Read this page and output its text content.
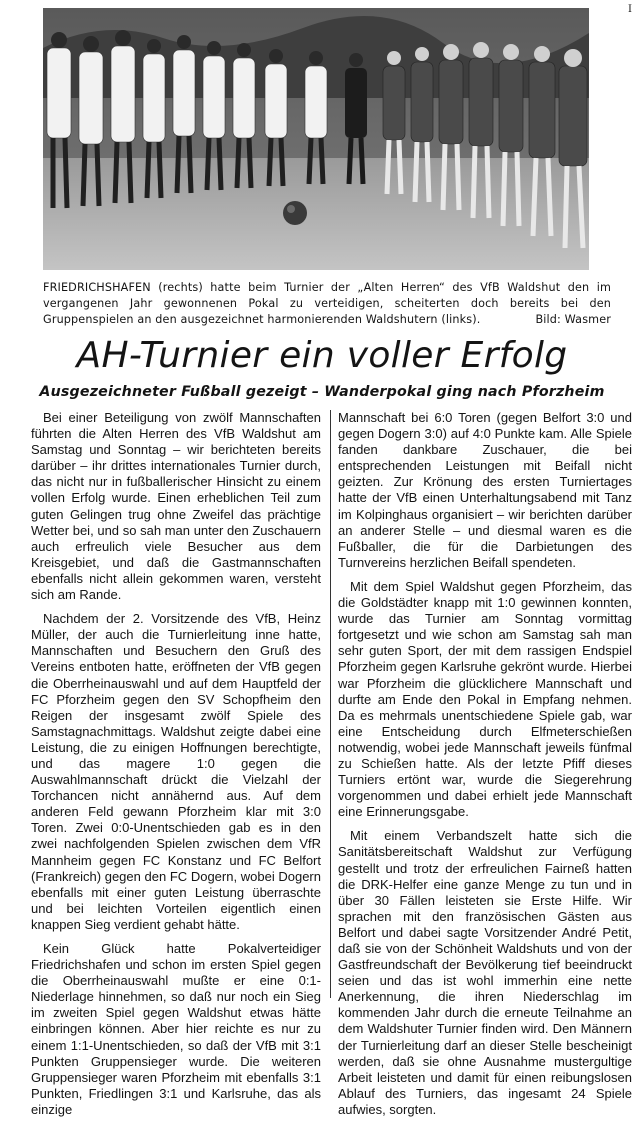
I
FRIEDRICHSHAFEN (rechts) hatte beim Turnier der „Alten Herren“ des VfB Waldshut den im vergangenen Jahr gewonnenen Pokal zu verteidigen, scheiterten doch bereits bei den Gruppenspielen an den ausgezeichnet harmonierenden Waldshutern (links).	Bild: Wasmer
AH-Turnier ein voller Erfolg
Ausgezeichneter Fußball gezeigt – Wanderpokal ging nach Pforzheim

Bei einer Beteiligung von zwölf Mannschaften führten die Alten Herren des VfB Waldshut am Samstag und Sonntag – wir berichteten bereits darüber – ihr drittes internationales Turnier durch, das nicht nur in fußballerischer Hinsicht zu einem vollen Erfolg wurde. Einen erheblichen Teil zum guten Gelingen trug ohne Zweifel das prächtige Wetter bei, und so sah man unter den Zuschauern auch erfreulich viele Besucher aus dem Kreisgebiet, und daß die Gastmannschaften ebenfalls nicht allein gekommen waren, versteht sich am Rande.

Nachdem der 2. Vorsitzende des VfB, Heinz Müller, der auch die Turnierleitung inne hatte, Mannschaften und Besuchern den Gruß des Vereins entboten hatte, eröffneten der VfB gegen die Oberrheinauswahl und auf dem Hauptfeld der FC Pforzheim gegen den SV Schopfheim den Reigen der insgesamt zwölf Spiele des Samstagnachmittags. Waldshut zeigte dabei eine Leistung, die zu einigen Hoffnungen berechtigte, und das magere 1:0 gegen die Auswahlmannschaft drückt die Vielzahl der Torchancen nicht annähernd aus. Auf dem anderen Feld gewann Pforzheim klar mit 3:0 Toren. Zwei 0:0-Unentschieden gab es in den zwei nachfolgenden Spielen zwischen dem VfR Mannheim gegen FC Konstanz und FC Belfort (Frankreich) gegen den FC Dogern, wobei Dogern ebenfalls mit einer guten Leistung überraschte und bei leichten Vorteilen eigentlich einen knappen Sieg verdient gehabt hätte.

Kein Glück hatte Pokalverteidiger Friedrichshafen und schon im ersten Spiel gegen die Oberrheinauswahl mußte er eine 0:1-Niederlage hinnehmen, so daß nur noch ein Sieg im zweiten Spiel gegen Waldshut etwas hätte einbringen können. Aber hier reichte es nur zu einem 1:1-Unentschieden, so daß der VfB mit 3:1 Punkten Gruppensieger wurde. Die weiteren Gruppensieger waren Pforzheim mit ebenfalls 3:1 Punkten, Friedlingen 3:1 und Karlsruhe, das als einzige

Mannschaft bei 6:0 Toren (gegen Belfort 3:0 und gegen Dogern 3:0) auf 4:0 Punkte kam. Alle Spiele fanden dankbare Zuschauer, die bei entsprechenden Leistungen mit Beifall nicht geizten. Zur Krönung des ersten Turniertages hatte der VfB einen Unterhaltungsabend mit Tanz im Kolpinghaus organisiert – wir berichten darüber an anderer Stelle – und diesmal waren es die Fußballer, die für die Darbietungen des Turnvereins herzlichen Beifall spendeten.

Mit dem Spiel Waldshut gegen Pforzheim, das die Goldstädter knapp mit 1:0 gewinnen konnten, wurde das Turnier am Sonntag vormittag fortgesetzt und wie schon am Samstag sah man sehr guten Sport, der mit dem rassigen Endspiel Pforzheim gegen Karlsruhe gekrönt wurde. Hierbei war Pforzheim die glücklichere Mannschaft und durfte am Ende den Pokal in Empfang nehmen. Da es mehrmals unentschiedene Spiele gab, war eine Entscheidung durch Elfmeterschießen notwendig, wobei jede Mannschaft jeweils fünfmal zu Schießen hatte. Als der letzte Pfiff dieses Turniers ertönt war, wurde die Siegerehrung vorgenommen und dabei erhielt jede Mannschaft eine Erinnerungsgabe.

Mit einem Verbandszelt hatte sich die Sanitätsbereitschaft Waldshut zur Verfügung gestellt und trotz der erfreulichen Fairneß hatten die DRK-Helfer eine ganze Menge zu tun und in über 30 Fällen leisteten sie Erste Hilfe. Wir sprachen mit den französischen Gästen aus Belfort und dabei sagte Vorsitzender André Petit, daß sie von der Schönheit Waldshuts und von der Gastfreundschaft der Bevölkerung tief beeindruckt seien und das ist wohl immerhin eine nette Anerkennung, die ihren Niederschlag im kommenden Jahr durch die erneute Teilnahme an dem Waldshuter Turnier finden wird. Den Männern der Turnierleitung darf an dieser Stelle bescheinigt werden, daß sie ohne Ausnahme mustergultige Arbeit leisteten und damit für einen reibungslosen Ablauf des Turniers, das ingesamt 24 Spiele aufwies, sorgten.
